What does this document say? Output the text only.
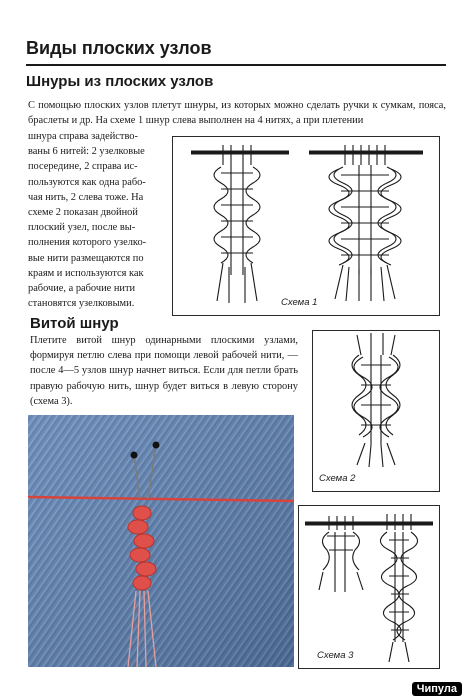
Виды плоских узлов
Шнуры из плоских узлов
С помощью плоских узлов плетут шнуры, из которых можно сделать ручки к сумкам, пояса, браслеты и др. На схеме 1 шнур слева выполнен на 4 нитях, а при плетении
шнура справа задейство-
ваны 6 нитей: 2 узелковые
посередине, 2 справа ис-
пользуются как одна рабо-
чая нить, 2 слева тоже. На
схеме 2 показан двойной
плоский узел, после вы-
полнения которого узелко-
вые нити размещаются по
краям и используются как
рабочие, а рабочие нити
становятся узелковыми.	Схема 1
Витой шнур
Плетите витой шнур одинарными плоскими узлами, формируя петлю слева при помощи левой рабочей нити, — после 4—5 узлов шнур начнет виться. Если для петли брать правую рабочую нить, шнур будет виться в левую сторону (схема 3).
Схема 2
Схема 3
Чипула
